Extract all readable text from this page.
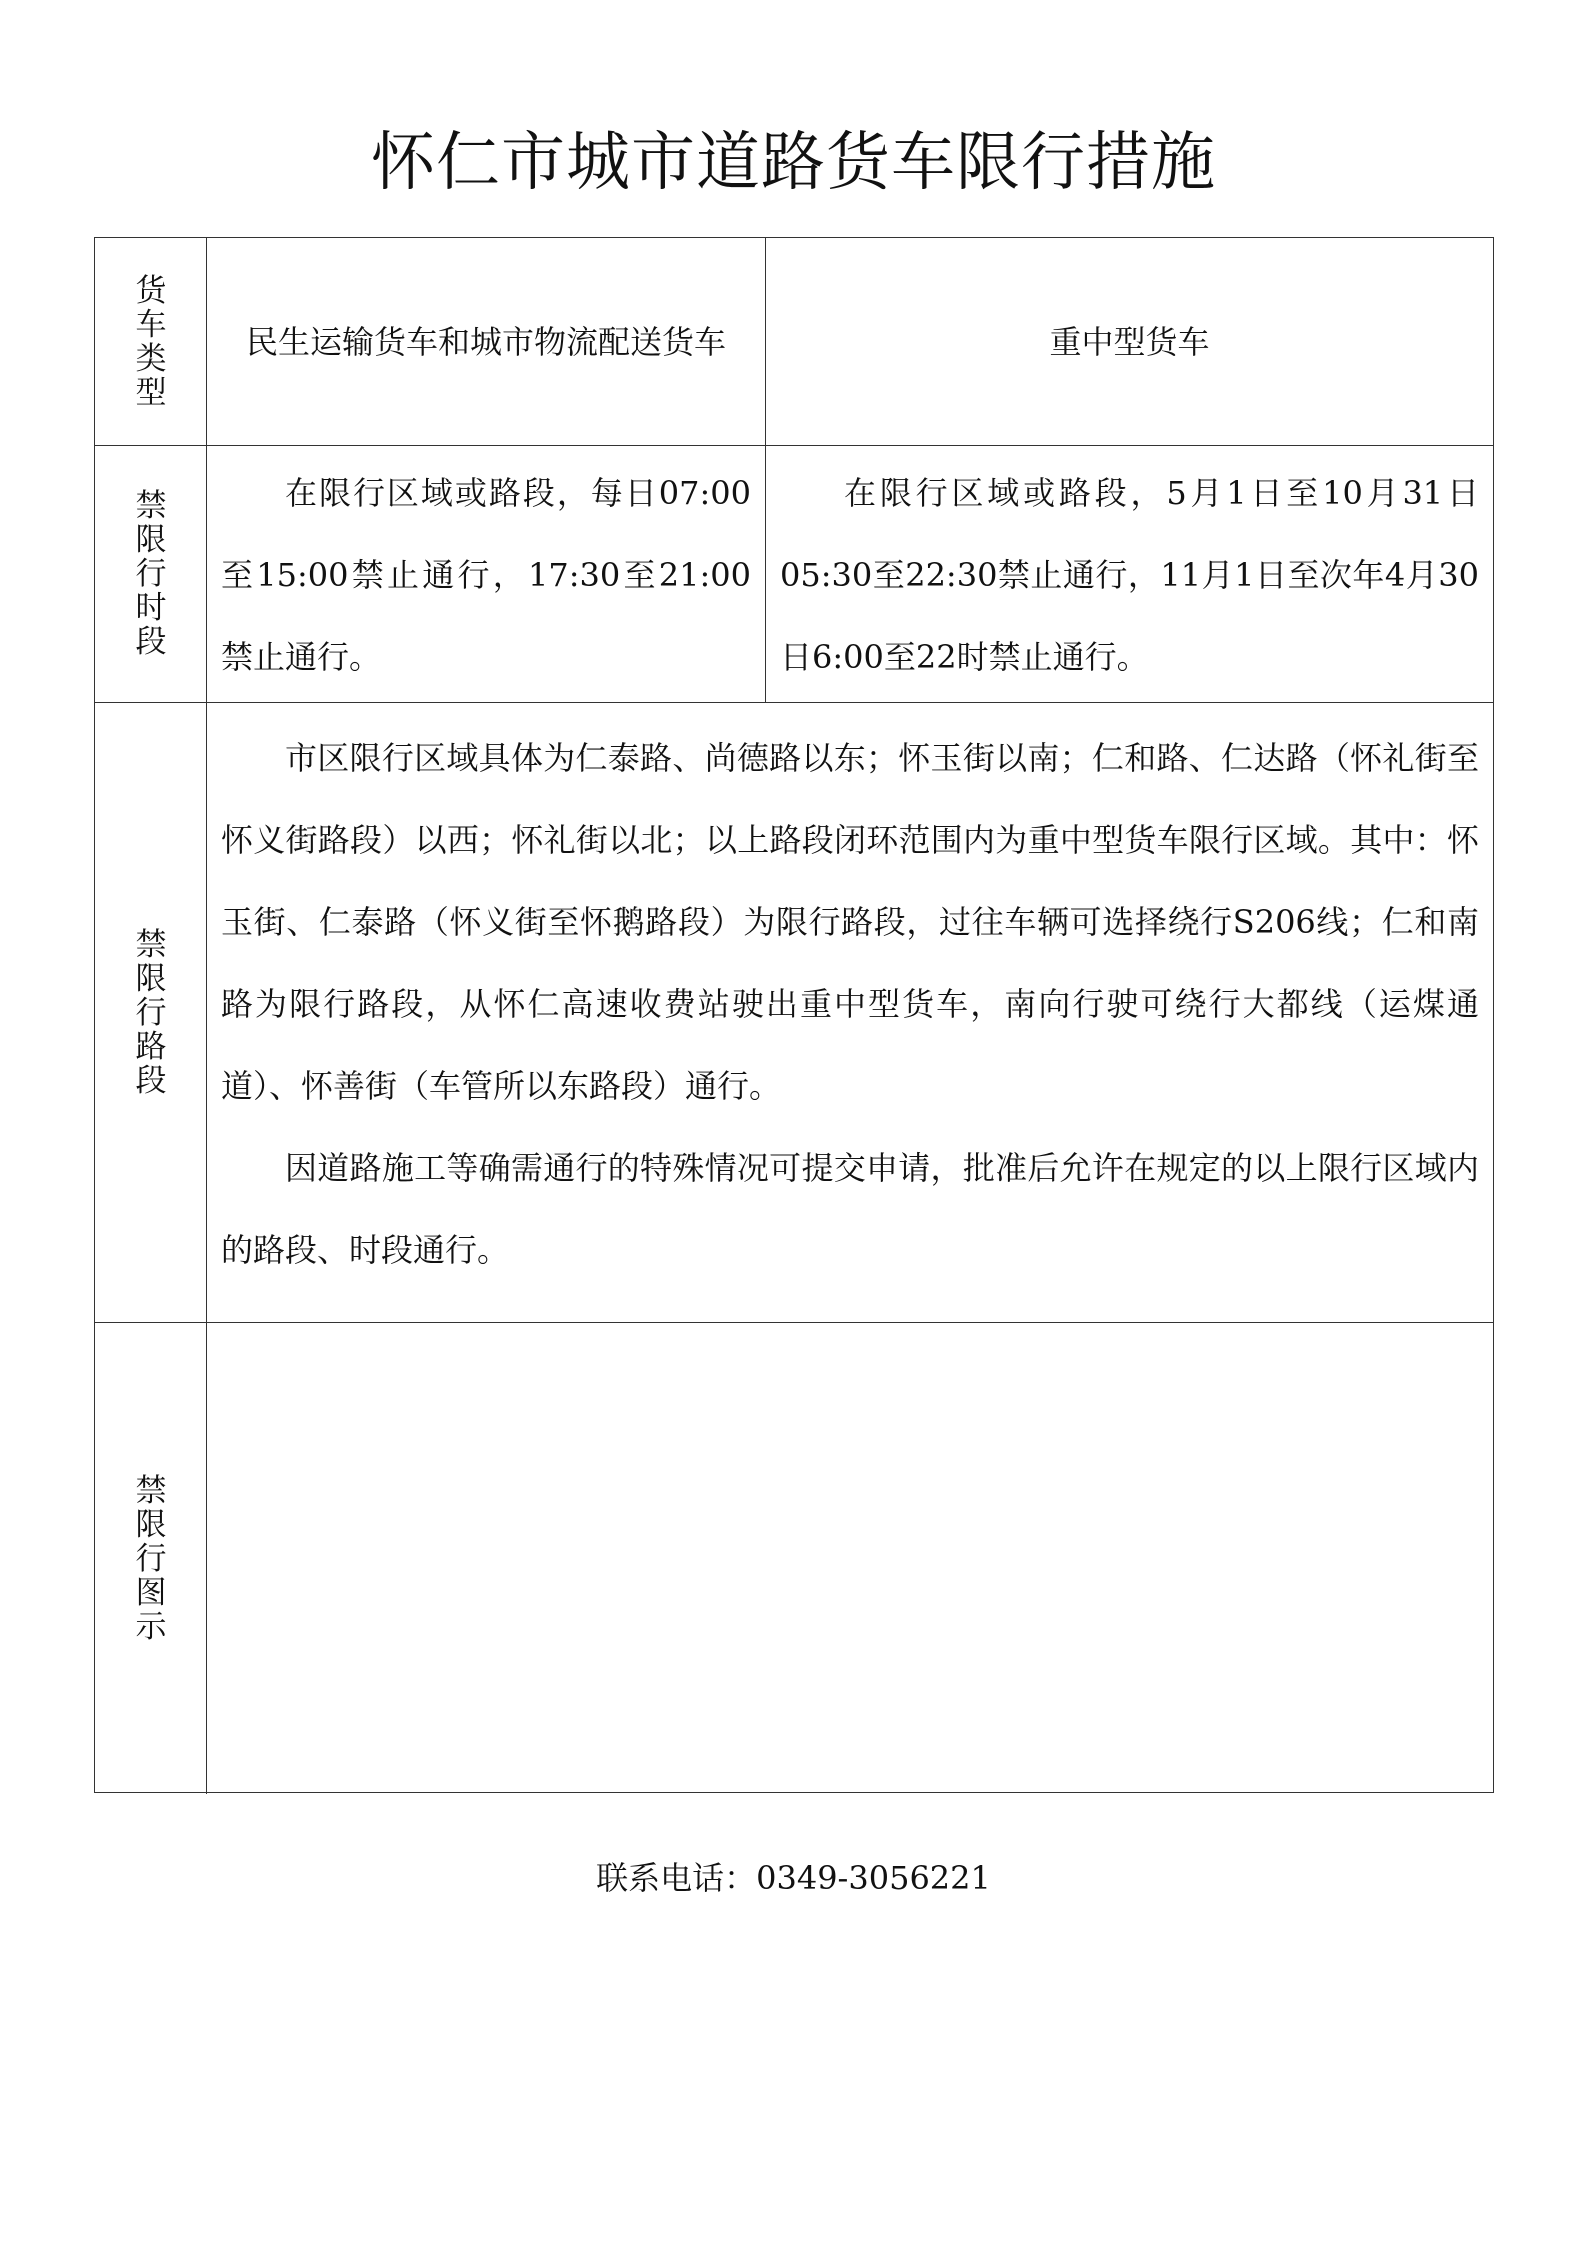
怀仁市城市道路货车限行措施
货车类型
民生运输货车和城市物流配送货车	重中型货车
禁限行时段

在限行区域或路段，每日07:00至15:00禁止通行，17:30至21:00禁止通行。

在限行区域或路段，5月1日至10月31日05:30至22:30禁止通行，11月1日至次年4月30日6:00至22时禁止通行。

禁限行路段

市区限行区域具体为仁泰路、尚德路以东；怀玉街以南；仁和路、仁达路（怀礼街至怀义街路段）以西；怀礼街以北；以上路段闭环范围内为重中型货车限行区域。其中：怀玉街、仁泰路（怀义街至怀鹅路段）为限行路段，过往车辆可选择绕行S206线；仁和南路为限行路段，从怀仁高速收费站驶出重中型货车，南向行驶可绕行大都线（运煤通道）、怀善街（车管所以东路段）通行。

因道路施工等确需通行的特殊情况可提交申请，批准后允许在规定的以上限行区域内的路段、时段通行。

禁限行图示
联系电话：0349-3056221
